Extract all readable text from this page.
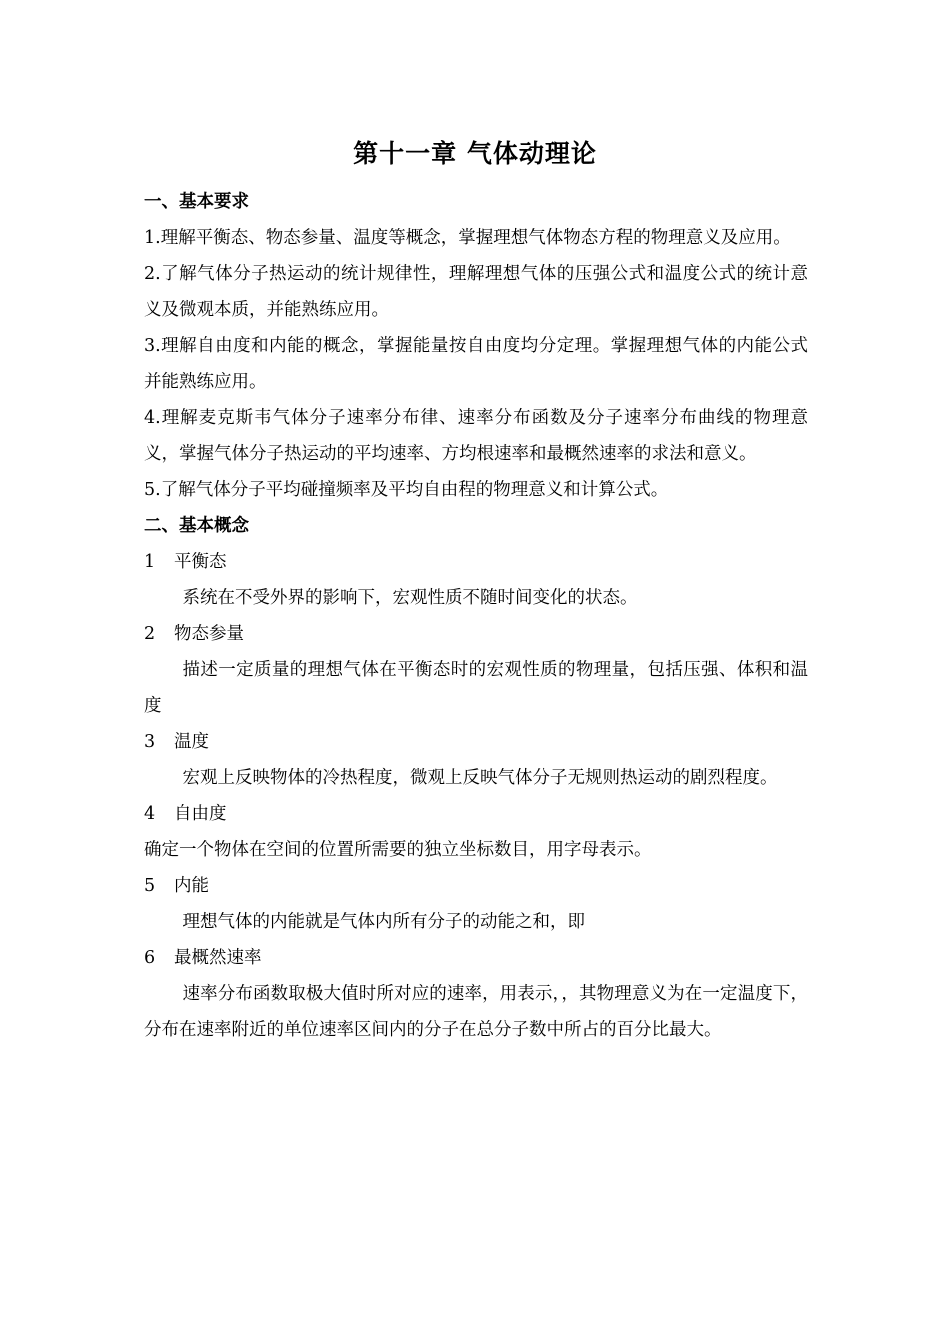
第十一章 气体动理论
一、基本要求

1.理解平衡态、物态参量、温度等概念，掌握理想气体物态方程的物理意义及应用。

2.了解气体分子热运动的统计规律性，理解理想气体的压强公式和温度公式的统计意义及微观本质，并能熟练应用。

3.理解自由度和内能的概念，掌握能量按自由度均分定理。掌握理想气体的内能公式并能熟练应用。

4.理解麦克斯韦气体分子速率分布律、速率分布函数及分子速率分布曲线的物理意义，掌握气体分子热运动的平均速率、方均根速率和最概然速率的求法和意义。

5.了解气体分子平均碰撞频率及平均自由程的物理意义和计算公式。

二、基本概念
1 平衡态

系统在不受外界的影响下，宏观性质不随时间变化的状态。

2 物态参量

描述一定质量的理想气体在平衡态时的宏观性质的物理量，包括压强、体积和温度

3 温度

宏观上反映物体的冷热程度，微观上反映气体分子无规则热运动的剧烈程度。

4 自由度

确定一个物体在空间的位置所需要的独立坐标数目，用字母表示。

5 内能

理想气体的内能就是气体内所有分子的动能之和，即

6 最概然速率

速率分布函数取极大值时所对应的速率，用表示，，其物理意义为在一定温度下，分布在速率附近的单位速率区间内的分子在总分子数中所占的百分比最大。
